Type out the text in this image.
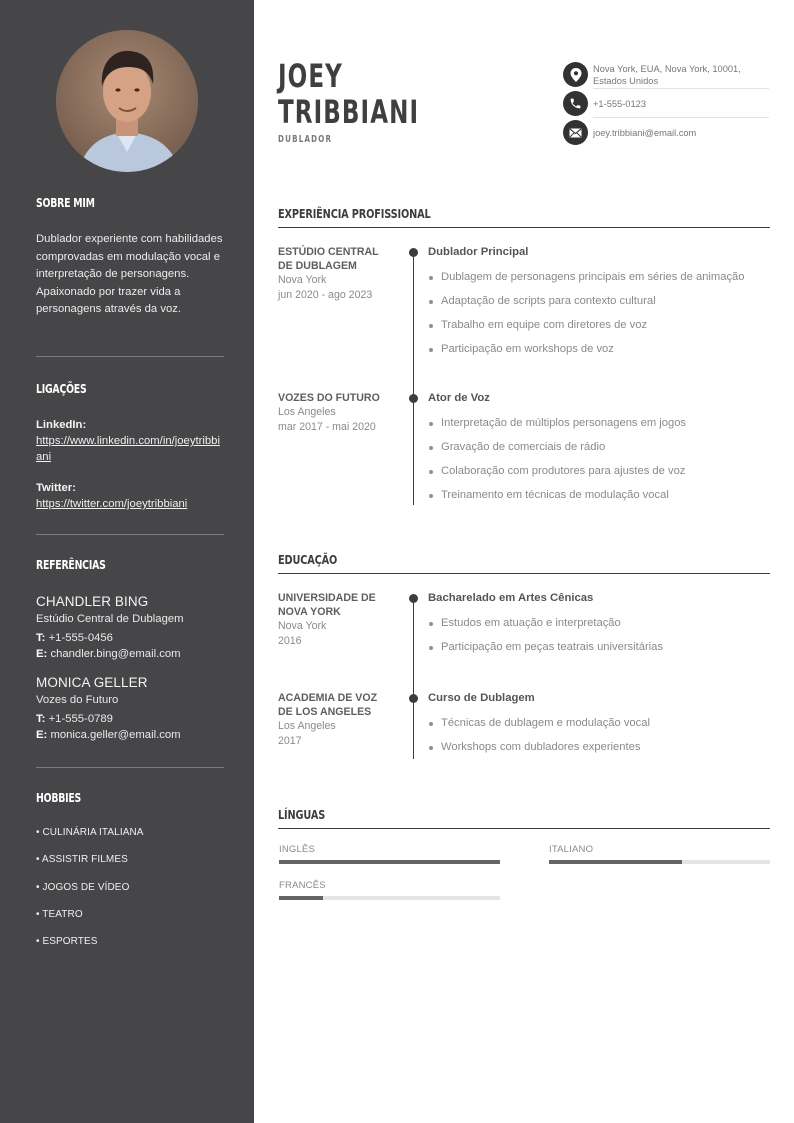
SOBRE MIM
Dublador experiente com habilidades comprovadas em modulação vocal e interpretação de personagens. Apaixonado por trazer vida a personagens através da voz.
LIGAÇÕES
LinkedIn:
https://www.linkedin.com/in/joeytribbiani
Twitter:
https://twitter.com/joeytribbiani
REFERÊNCIAS
CHANDLER BING
Estúdio Central de Dublagem
T: +1-555-0456
E: chandler.bing@email.com
MONICA GELLER
Vozes do Futuro
T: +1-555-0789
E: monica.geller@email.com
HOBBIES
• CULINÁRIA ITALIANA
• ASSISTIR FILMES
• JOGOS DE VÍDEO
• TEATRO
• ESPORTES
JOEY
TRIBBIANI
DUBLADOR
Nova York, EUA, Nova York, 10001,
Estados Unidos
+1-555-0123
joey.tribbiani@email.com
EXPERIÊNCIA PROFISSIONAL
ESTÚDIO CENTRAL DE DUBLAGEM
Nova York
jun 2020 - ago 2023
Dublador Principal
Dublagem de personagens principais em séries de animação
Adaptação de scripts para contexto cultural
Trabalho em equipe com diretores de voz
Participação em workshops de voz
VOZES DO FUTURO
Los Angeles
mar 2017 - mai 2020
Ator de Voz
Interpretação de múltiplos personagens em jogos
Gravação de comerciais de rádio
Colaboração com produtores para ajustes de voz
Treinamento em técnicas de modulação vocal
EDUCAÇÃO
UNIVERSIDADE DE NOVA YORK
Nova York
2016
Bacharelado em Artes Cênicas
Estudos em atuação e interpretação
Participação em peças teatrais universitárias
ACADEMIA DE VOZ DE LOS ANGELES
Los Angeles
2017
Curso de Dublagem
Técnicas de dublagem e modulação vocal
Workshops com dubladores experientes
LÍNGUAS
INGLÊS	ITALIANO
FRANCÊS
